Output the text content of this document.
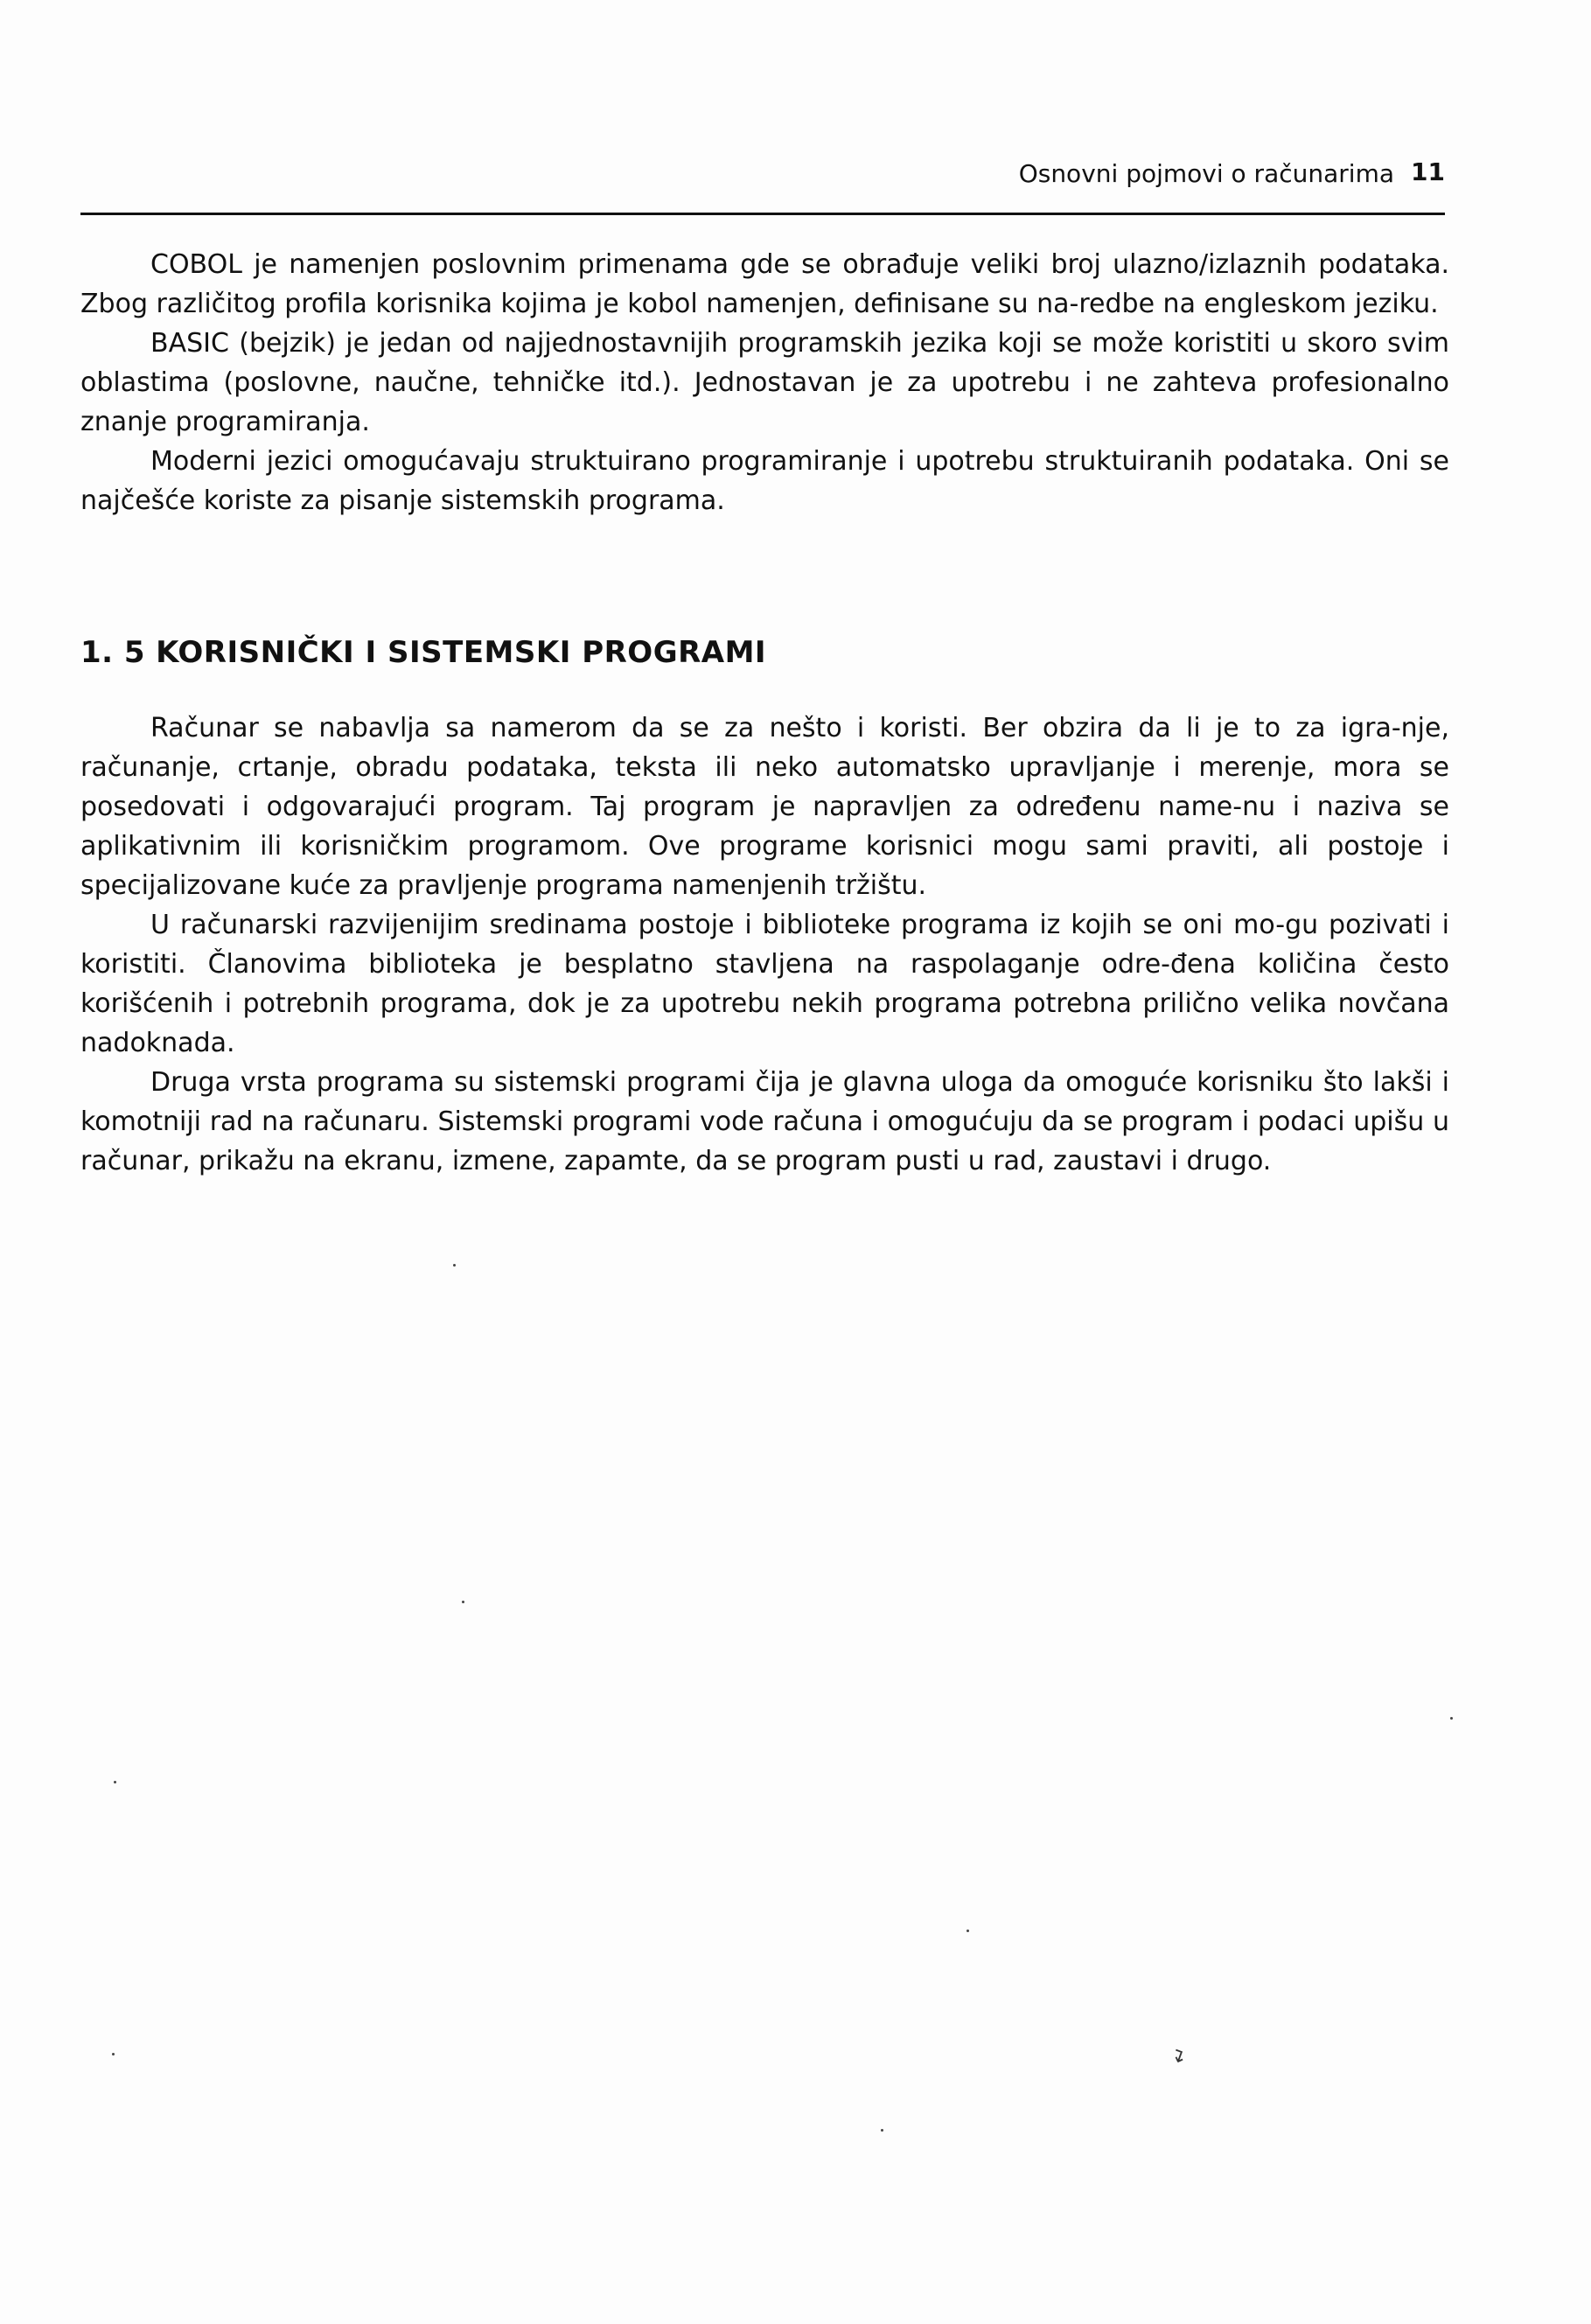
Osnovni pojmovi o računarima 11

COBOL je namenjen poslovnim primenama gde se obrađuje veliki broj ulazno/izlaznih podataka. Zbog različitog profila korisnika kojima je kobol namenjen, definisane su na-redbe na engleskom jeziku.

BASIC (bejzik) je jedan od najjednostavnijih programskih jezika koji se može koristiti u skoro svim oblastima (poslovne, naučne, tehničke itd.). Jednostavan je za upotrebu i ne zahteva profesionalno znanje programiranja.

Moderni jezici omogućavaju struktuirano programiranje i upotrebu struktuiranih podataka. Oni se najčešće koriste za pisanje sistemskih programa.

1. 5 KORISNIČKI I SISTEMSKI PROGRAMI

Računar se nabavlja sa namerom da se za nešto i koristi. Ber obzira da li je to za igra-nje, računanje, crtanje, obradu podataka, teksta ili neko automatsko upravljanje i merenje, mora se posedovati i odgovarajući program. Taj program je napravljen za određenu name-nu i naziva se aplikativnim ili korisničkim programom. Ove programe korisnici mogu sami praviti, ali postoje i specijalizovane kuće za pravljenje programa namenjenih tržištu.

U računarski razvijenijim sredinama postoje i biblioteke programa iz kojih se oni mo-gu pozivati i koristiti. Članovima biblioteka je besplatno stavljena na raspolaganje odre-đena količina često korišćenih i potrebnih programa, dok je za upotrebu nekih programa potrebna prilično velika novčana nadoknada.

Druga vrsta programa su sistemski programi čija je glavna uloga da omoguće korisniku što lakši i komotniji rad na računaru. Sistemski programi vode računa i omogućuju da se program i podaci upišu u računar, prikažu na ekranu, izmene, zapamte, da se program pusti u rad, zaustavi i drugo.

↴
